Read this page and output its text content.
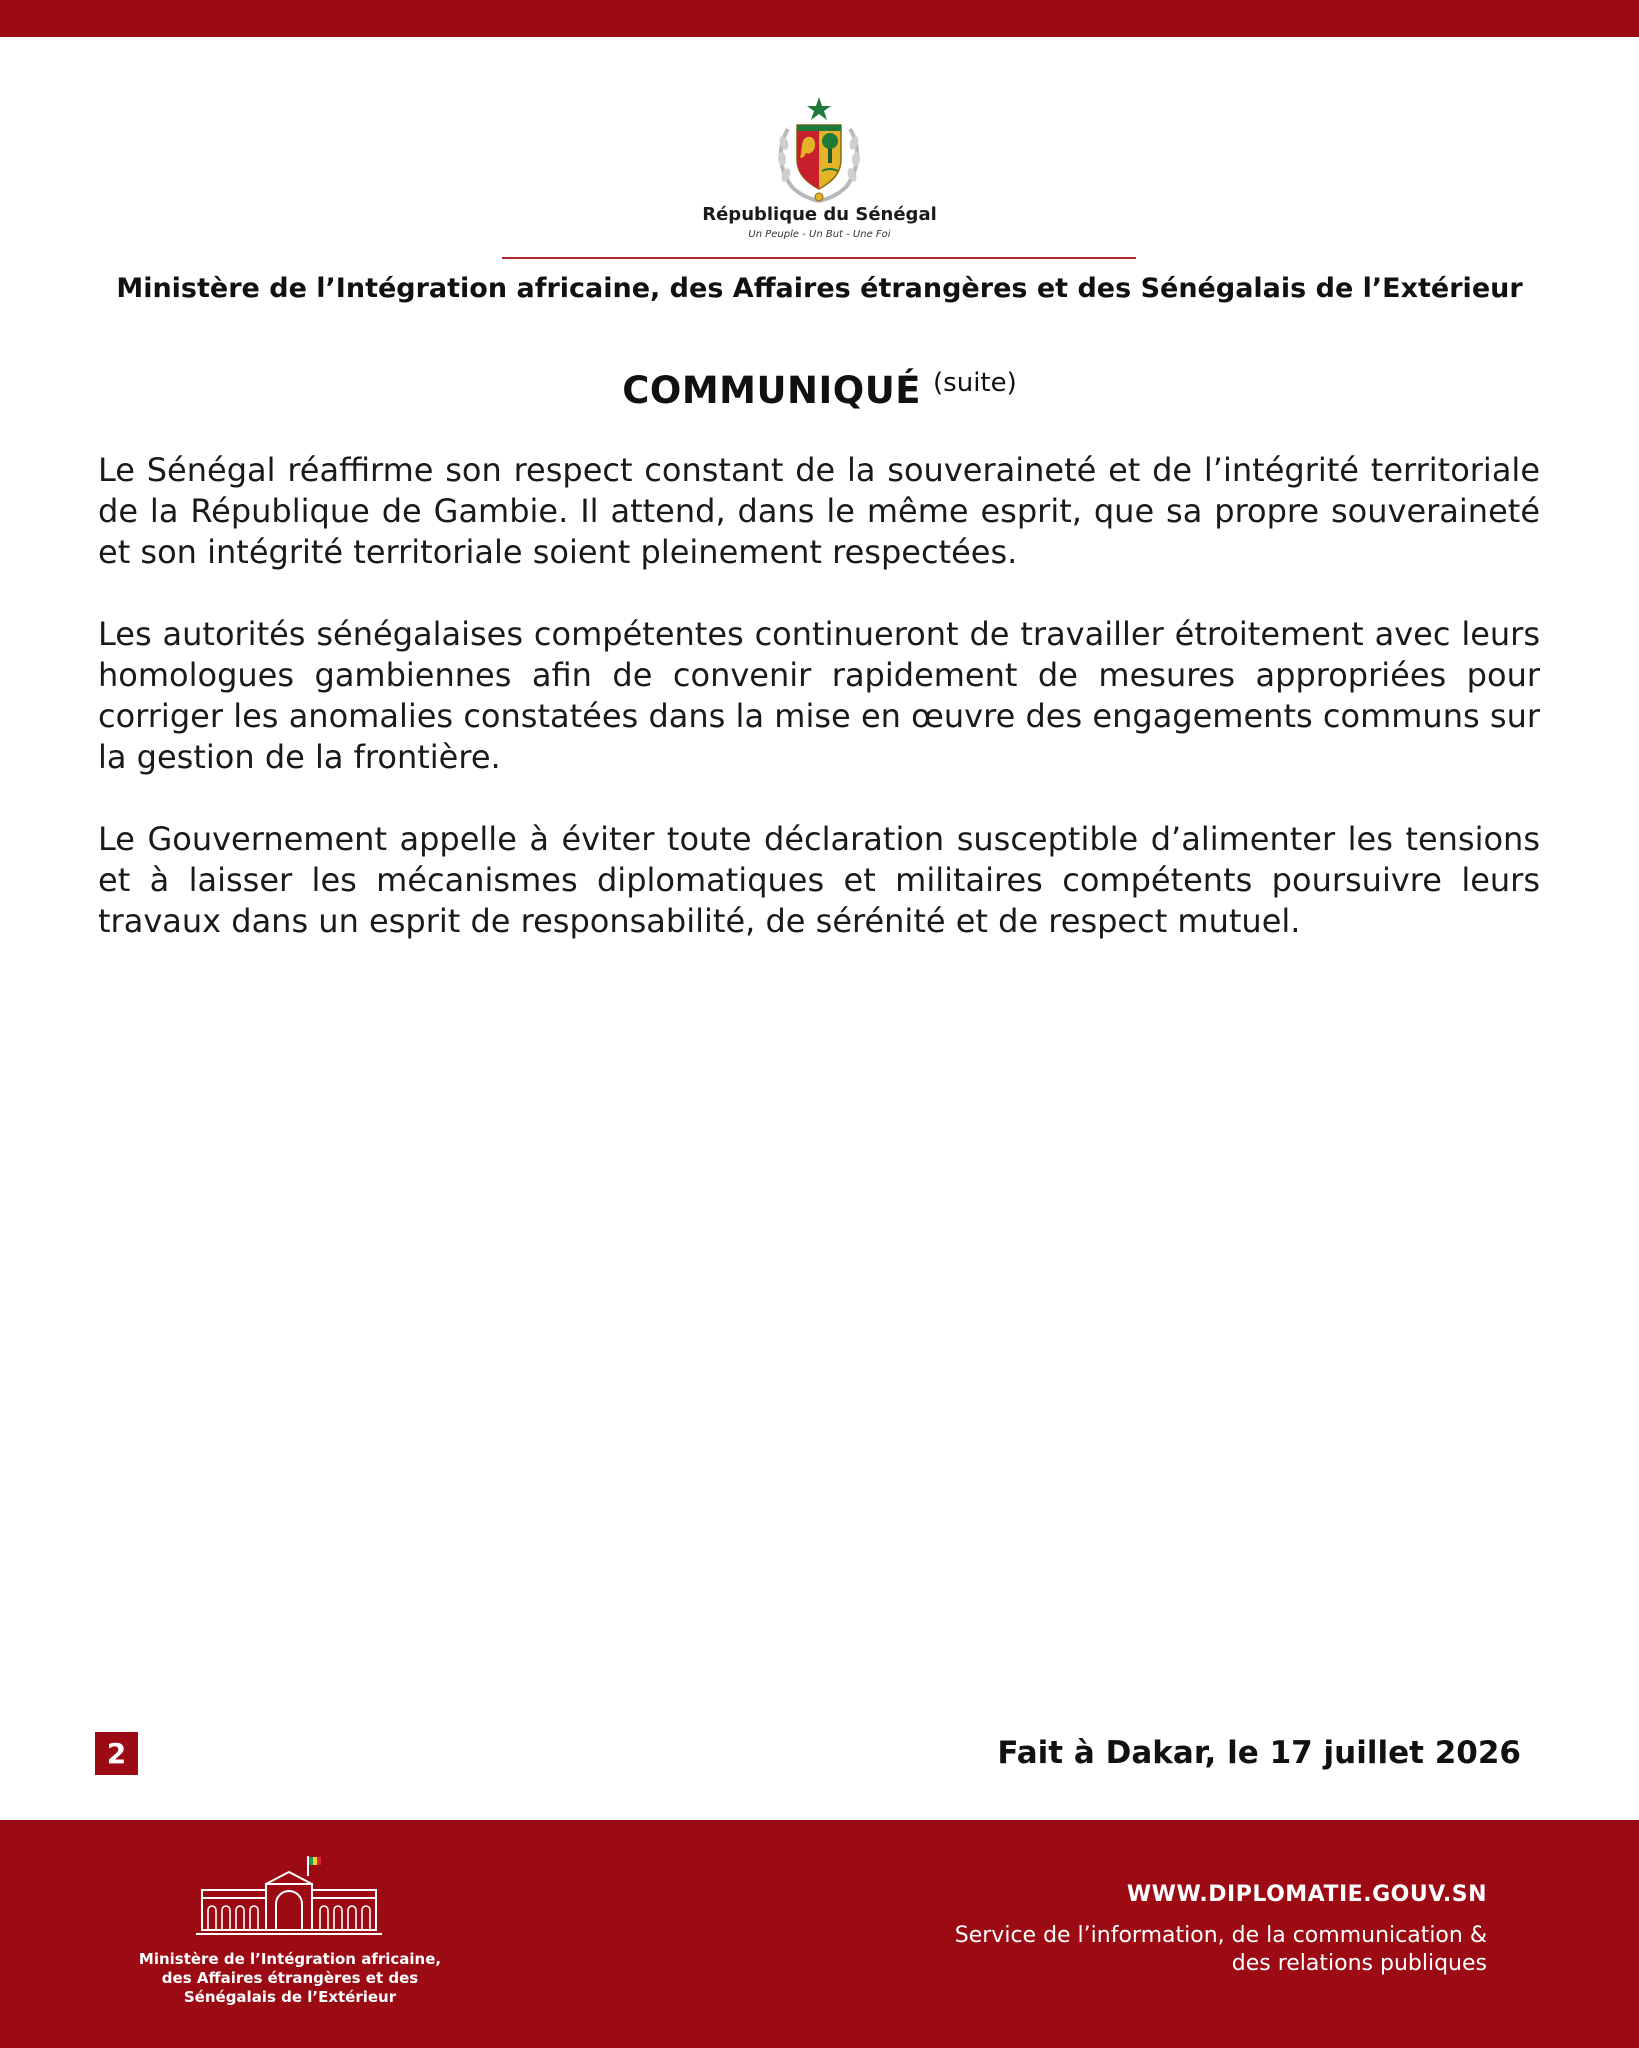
République du Sénégal
Un Peuple - Un But - Une Foi
Ministère de l’Intégration africaine, des Affaires étrangères et des Sénégalais de l’Extérieur
COMMUNIQUÉ (suite)

Le Sénégal réaffirme son respect constant de la souveraineté et de l’intégrité territoriale de la République de Gambie. Il attend, dans le même esprit, que sa propre souveraineté et son intégrité territoriale soient pleinement respectées.

Les autorités sénégalaises compétentes continueront de travailler étroitement avec leurs homologues gambiennes afin de convenir rapidement de mesures appropriées pour corriger les anomalies constatées dans la mise en œuvre des engagements communs sur la gestion de la frontière.

Le Gouvernement appelle à éviter toute déclaration susceptible d’alimenter les tensions et à laisser les mécanismes diplomatiques et militaires compétents poursuivre leurs travaux dans un esprit de responsabilité, de sérénité et de respect mutuel.

2	Fait à Dakar, le 17 juillet 2026
Ministère de l’Intégration africaine,
des Affaires étrangères et des
Sénégalais de l’Extérieur
WWW.DIPLOMATIE.GOUV.SN
Service de l’information, de la communication &
des relations publiques
